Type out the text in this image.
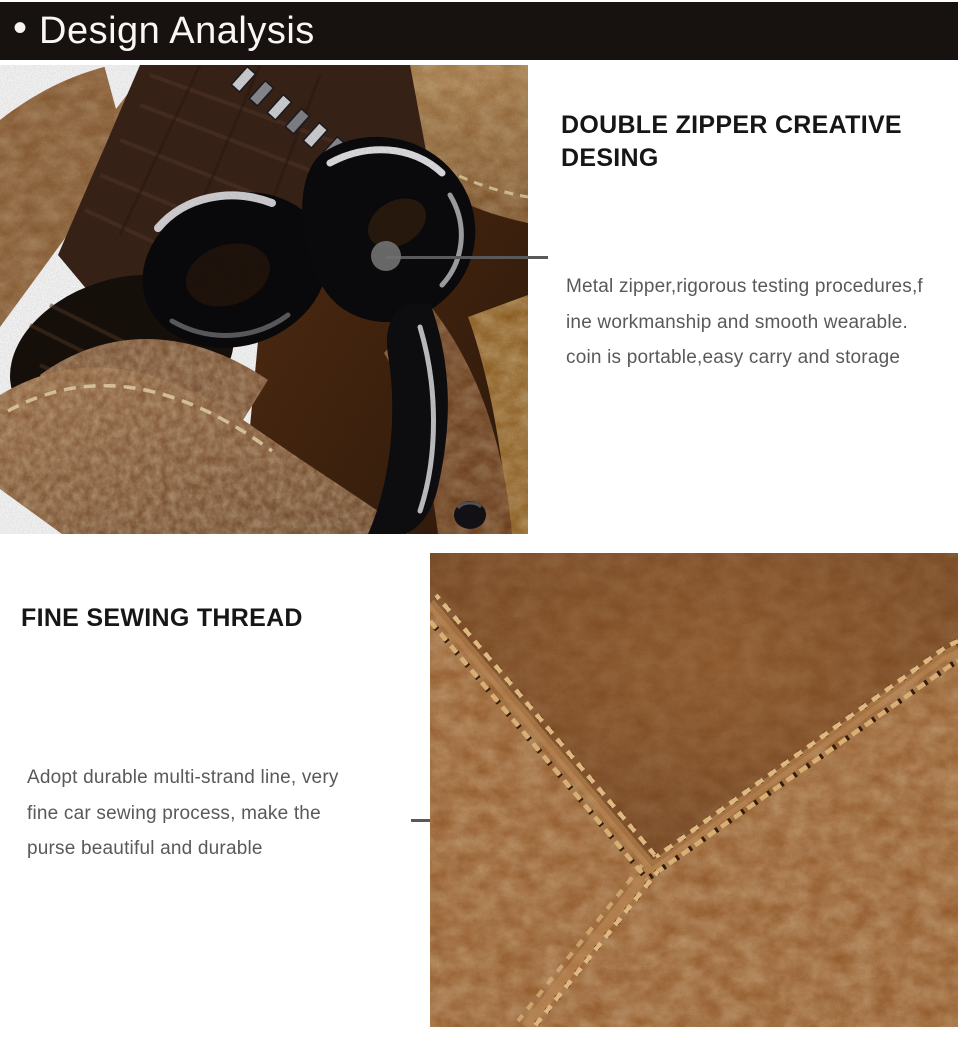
• Design Analysis
DOUBLE ZIPPER CREATIVE
DESING
Metal zipper,rigorous testing procedures,f
ine workmanship and smooth wearable.
coin is portable,easy carry and storage
FINE SEWING THREAD
Adopt durable multi-strand line, very
fine car sewing process, make the
purse beautiful and durable
